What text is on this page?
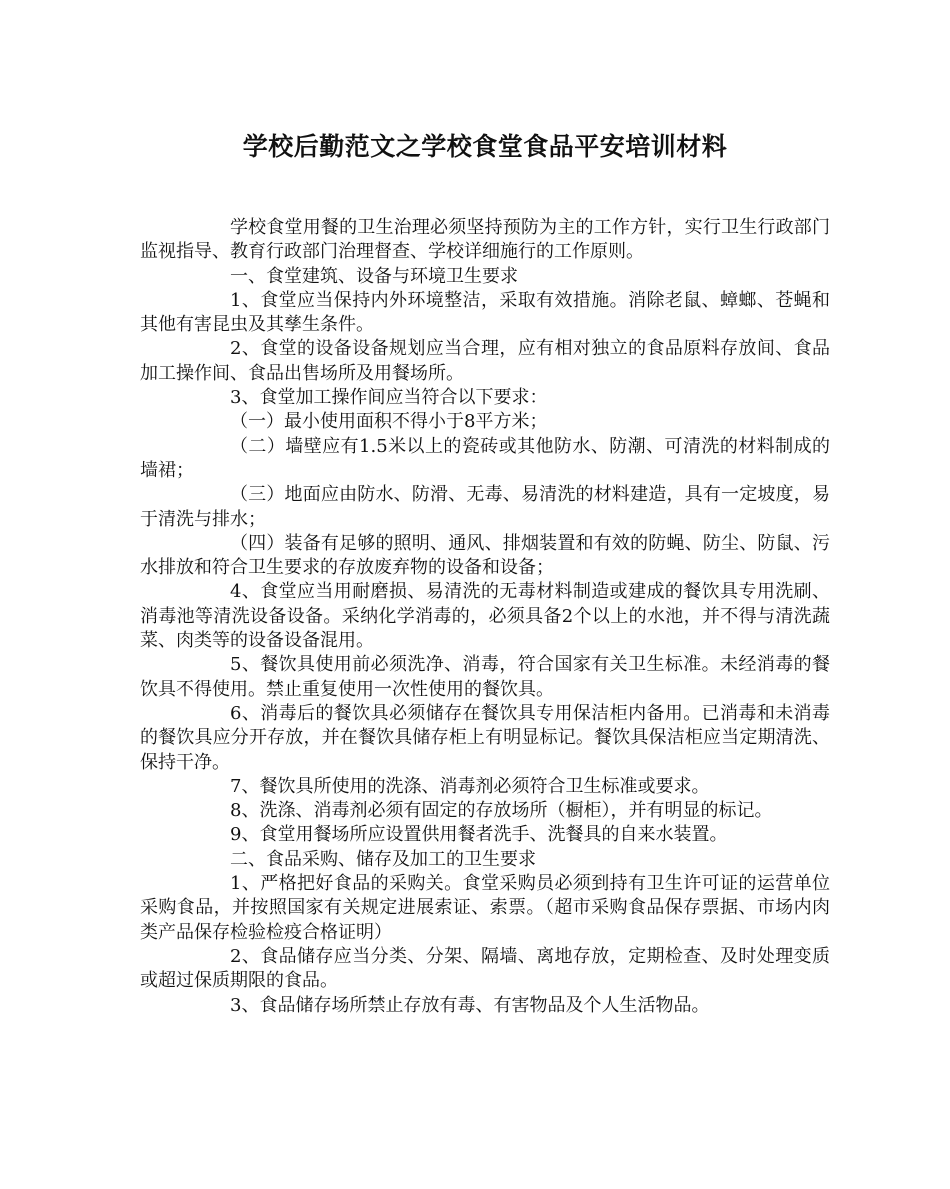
学校后勤范文之学校食堂食品平安培训材料

学校食堂用餐的卫生治理必须坚持预防为主的工作方针，实行卫生行政部门监视指导、教育行政部门治理督查、学校详细施行的工作原则。

一、食堂建筑、设备与环境卫生要求

1、食堂应当保持内外环境整洁，采取有效措施。消除老鼠、蟑螂、苍蝇和其他有害昆虫及其孳生条件。

2、食堂的设备设备规划应当合理，应有相对独立的食品原料存放间、食品加工操作间、食品出售场所及用餐场所。

3、食堂加工操作间应当符合以下要求：

（一）最小使用面积不得小于8平方米；

（二）墙壁应有1.5米以上的瓷砖或其他防水、防潮、可清洗的材料制成的墙裙；

（三）地面应由防水、防滑、无毒、易清洗的材料建造，具有一定坡度，易于清洗与排水；

（四）装备有足够的照明、通风、排烟装置和有效的防蝇、防尘、防鼠、污水排放和符合卫生要求的存放废弃物的设备和设备；

4、食堂应当用耐磨损、易清洗的无毒材料制造或建成的餐饮具专用洗刷、消毒池等清洗设备设备。采纳化学消毒的，必须具备2个以上的水池，并不得与清洗蔬菜、肉类等的设备设备混用。

5、餐饮具使用前必须洗净、消毒，符合国家有关卫生标准。未经消毒的餐饮具不得使用。禁止重复使用一次性使用的餐饮具。

6、消毒后的餐饮具必须储存在餐饮具专用保洁柜内备用。已消毒和未消毒的餐饮具应分开存放，并在餐饮具储存柜上有明显标记。餐饮具保洁柜应当定期清洗、保持干净。

7、餐饮具所使用的洗涤、消毒剂必须符合卫生标准或要求。

8、洗涤、消毒剂必须有固定的存放场所（橱柜），并有明显的标记。

9、食堂用餐场所应设置供用餐者洗手、洗餐具的自来水装置。

二、食品采购、储存及加工的卫生要求

1、严格把好食品的采购关。食堂采购员必须到持有卫生许可证的运营单位采购食品，并按照国家有关规定进展索证、索票。（超市采购食品保存票据、市场内肉类产品保存检验检疫合格证明）

2、食品储存应当分类、分架、隔墙、离地存放，定期检查、及时处理变质或超过保质期限的食品。

3、食品储存场所禁止存放有毒、有害物品及个人生活物品。
